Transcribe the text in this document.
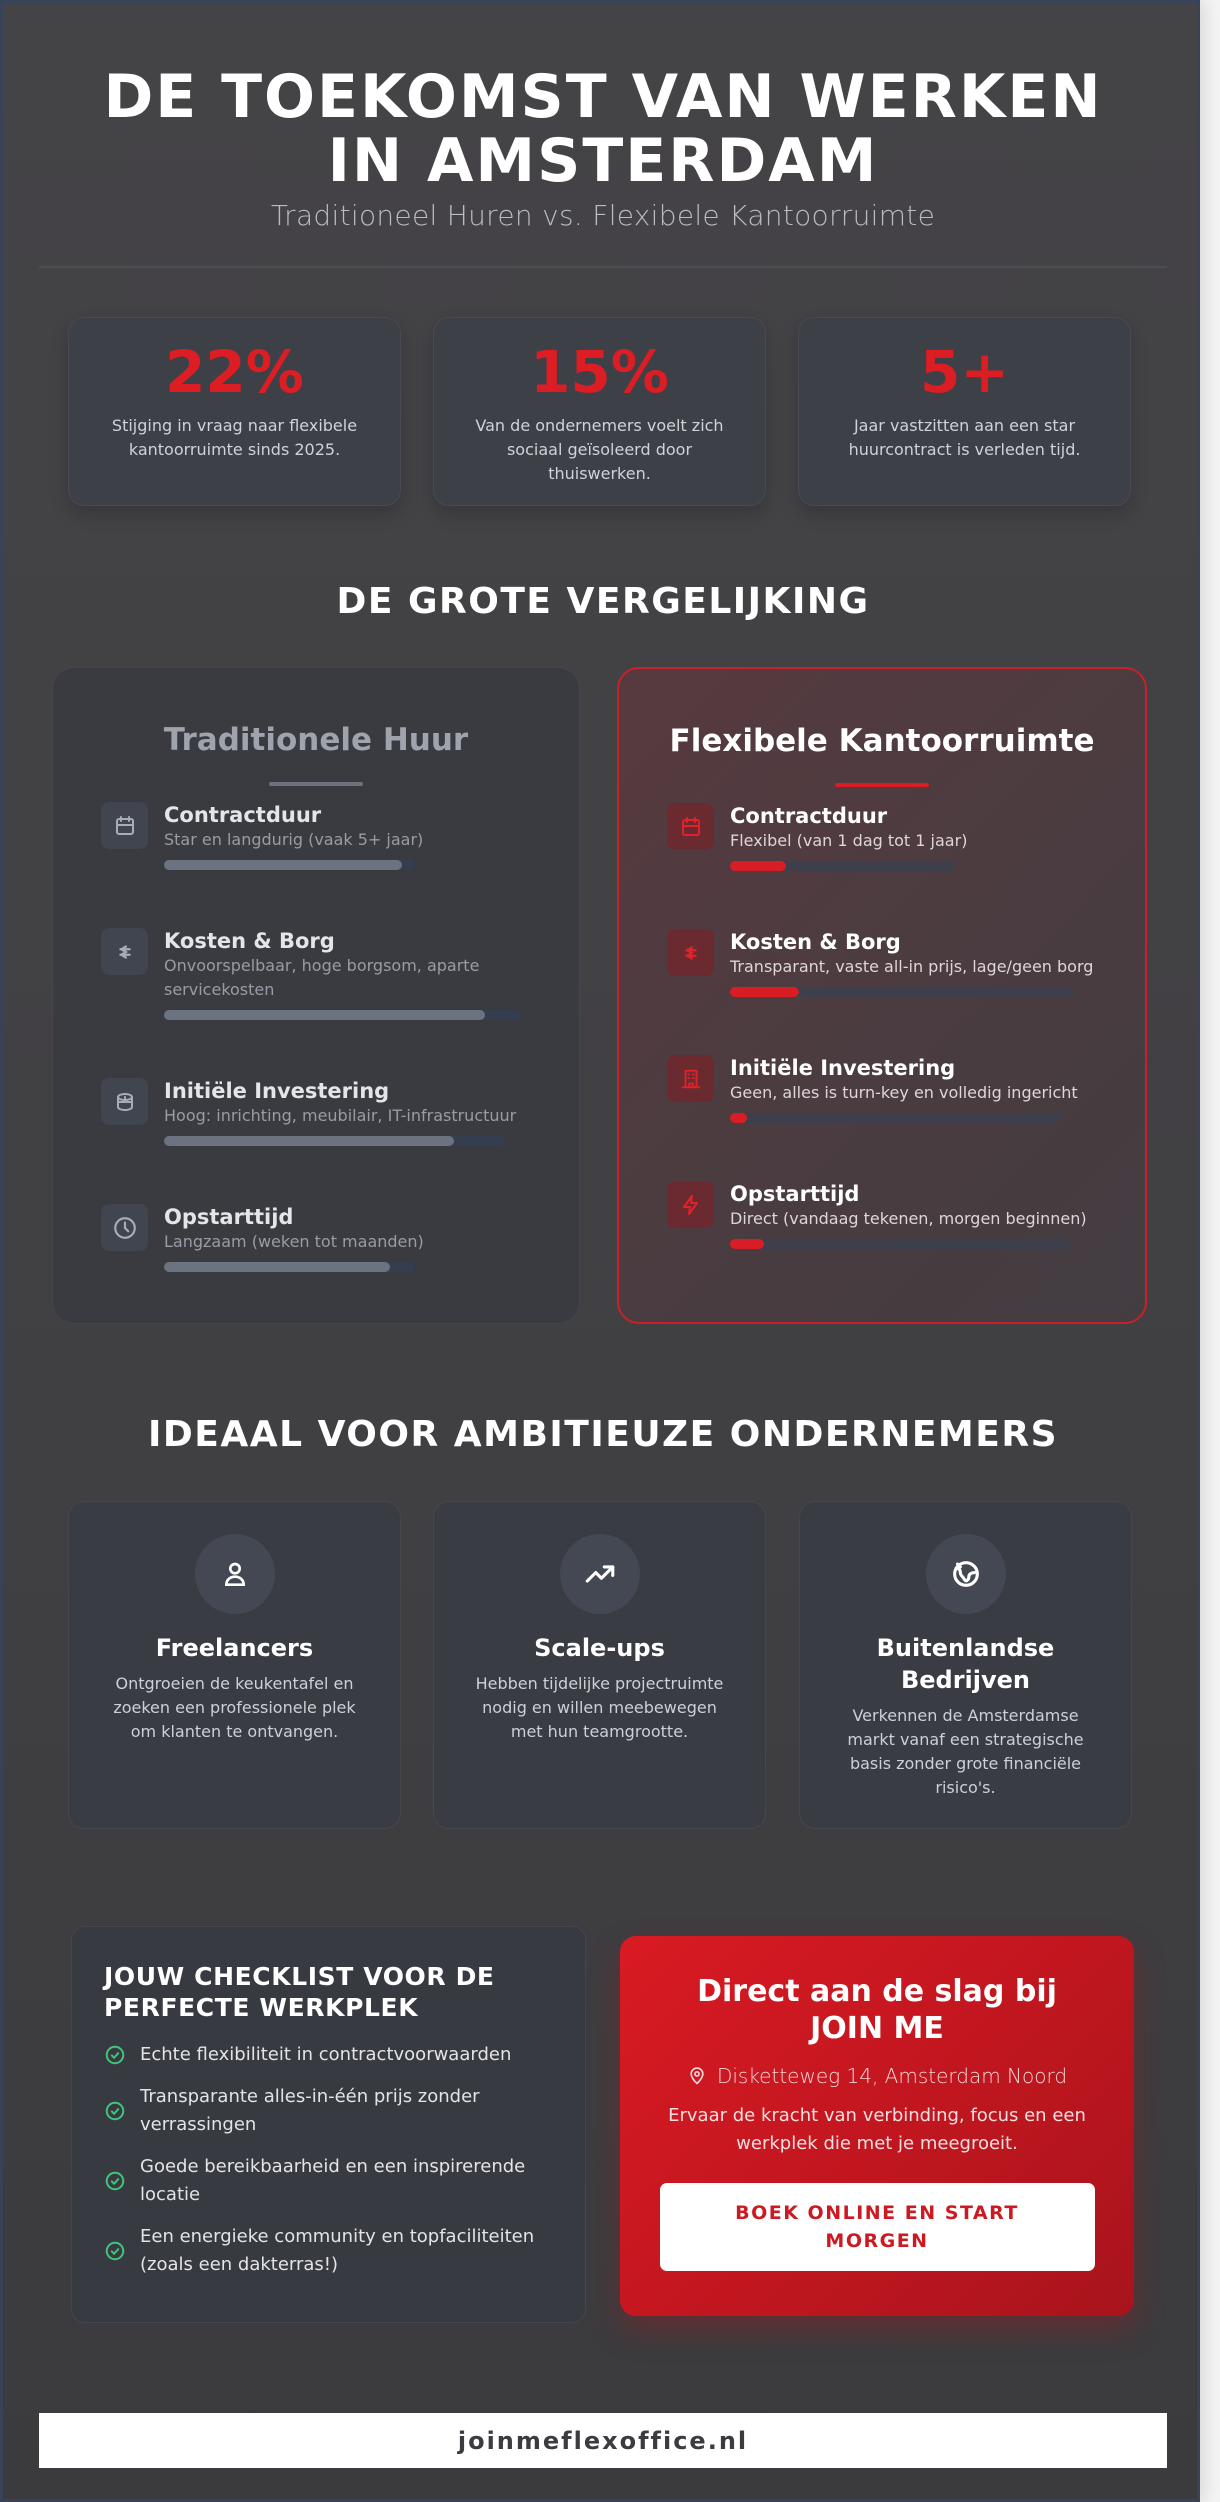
DE TOEKOMST VAN WERKEN
IN AMSTERDAM
Traditioneel Huren vs. Flexibele Kantoorruimte
22%
Stijging in vraag naar flexibele kantoorruimte sinds 2025.
15%
Van de ondernemers voelt zich sociaal geïsoleerd door thuiswerken.
5+
Jaar vastzitten aan een star huurcontract is verleden tijd.
DE GROTE VERGELIJKING
Traditionele Huur
Contractduur
Star en langdurig (vaak 5+ jaar)
Kosten & Borg
Onvoorspelbaar, hoge borgsom, aparte servicekosten
Initiële Investering
Hoog: inrichting, meubilair, IT-infrastructuur
Opstarttijd
Langzaam (weken tot maanden)
Flexibele Kantoorruimte
Contractduur
Flexibel (van 1 dag tot 1 jaar)
Kosten & Borg
Transparant, vaste all-in prijs, lage/geen borg
Initiële Investering
Geen, alles is turn-key en volledig ingericht
Opstarttijd
Direct (vandaag tekenen, morgen beginnen)
IDEAAL VOOR AMBITIEUZE ONDERNEMERS
Freelancers
Ontgroeien de keukentafel en zoeken een professionele plek om klanten te ontvangen.
Scale-ups
Hebben tijdelijke projectruimte nodig en willen meebewegen met hun teamgrootte.
Buitenlandse Bedrijven
Verkennen de Amsterdamse markt vanaf een strategische basis zonder grote financiële risico's.
JOUW CHECKLIST VOOR DE PERFECTE WERKPLEK
Echte flexibiliteit in contractvoorwaarden
Transparante alles-in-één prijs zonder verrassingen
Goede bereikbaarheid en een inspirerende locatie
Een energieke community en topfaciliteiten (zoals een dakterras!)
Direct aan de slag bij JOIN ME
Disketteweg 14, Amsterdam Noord
Ervaar de kracht van verbinding, focus en een werkplek die met je meegroeit.
BOEK ONLINE EN START MORGEN
joinmeflexoffice.nl
